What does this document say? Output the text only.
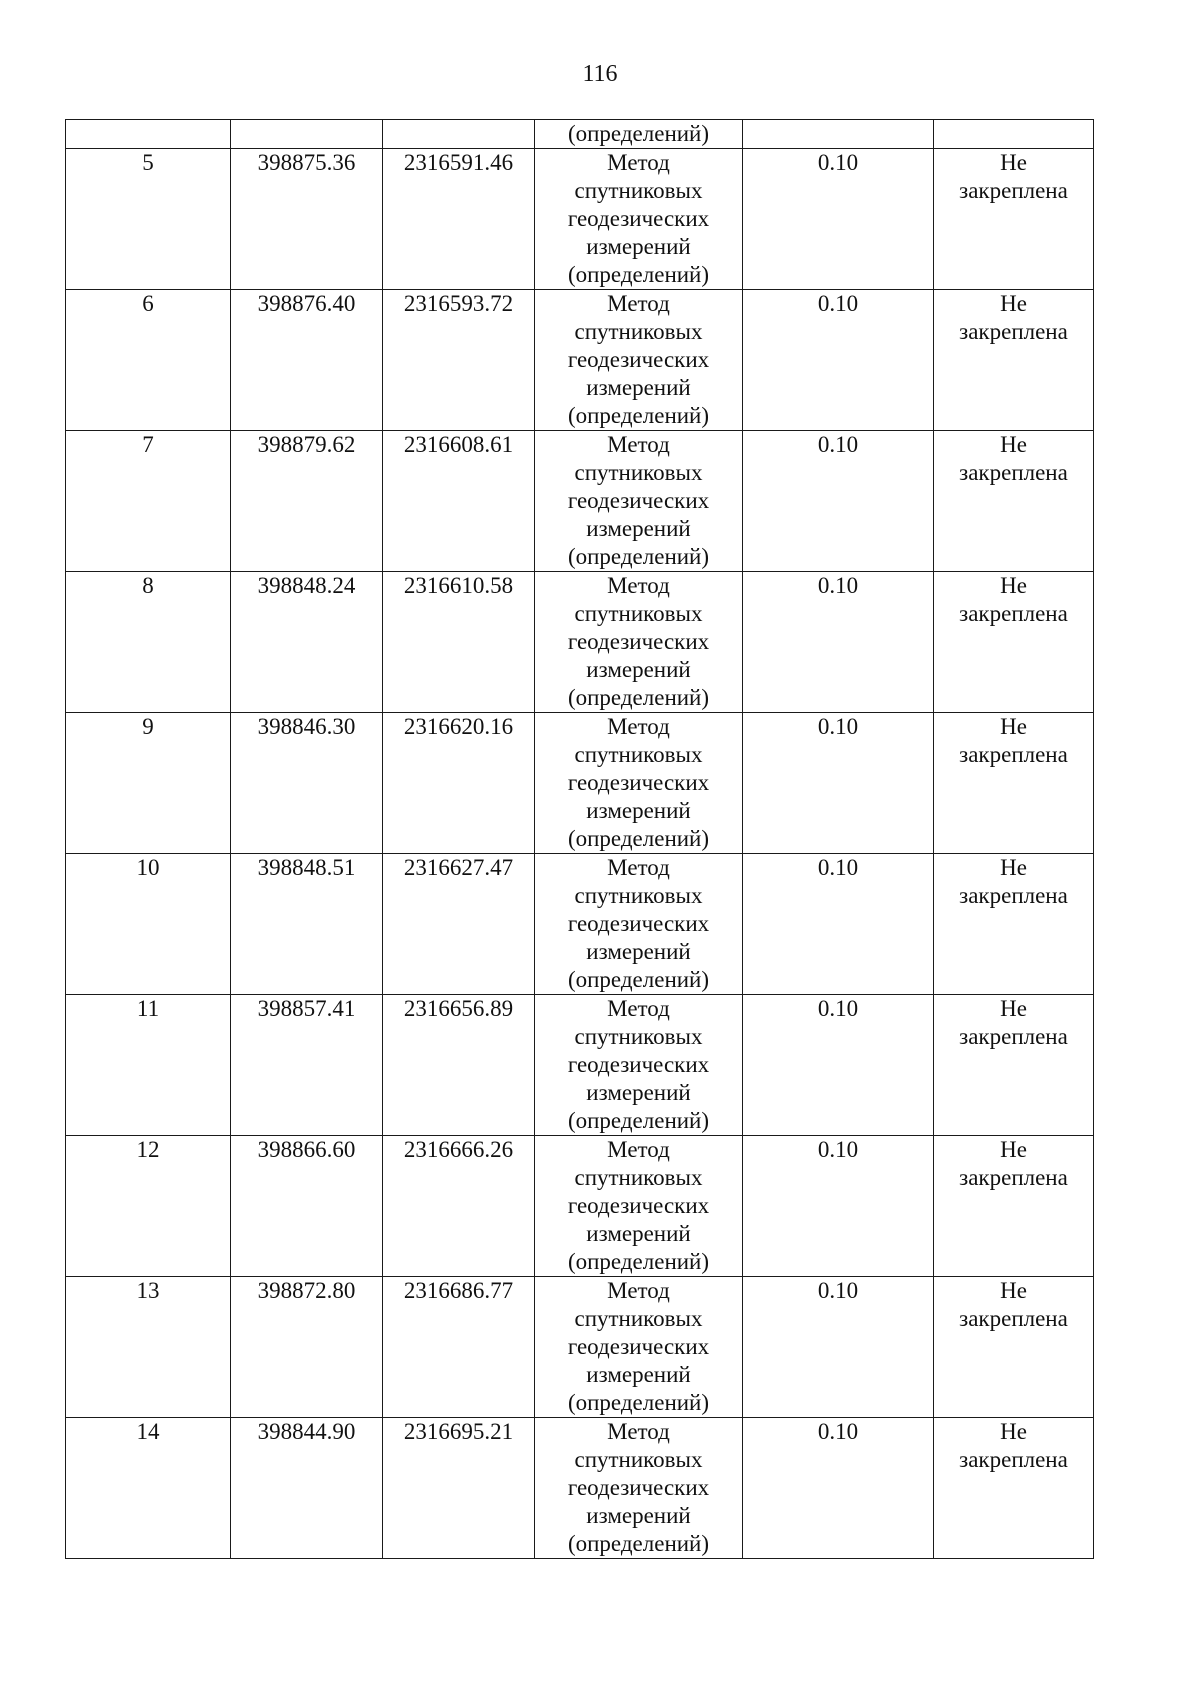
116
			(определений)		
5	398875.36	2316591.46	Метод
спутниковых
геодезических
измерений
(определений)	0.10	Не
закреплена

6	398876.40	2316593.72	Метод
спутниковых
геодезических
измерений
(определений)	0.10	Не
закреплена

7	398879.62	2316608.61	Метод
спутниковых
геодезических
измерений
(определений)	0.10	Не
закреплена

8	398848.24	2316610.58	Метод
спутниковых
геодезических
измерений
(определений)	0.10	Не
закреплена

9	398846.30	2316620.16	Метод
спутниковых
геодезических
измерений
(определений)	0.10	Не
закреплена

10	398848.51	2316627.47	Метод
спутниковых
геодезических
измерений
(определений)	0.10	Не
закреплена

11	398857.41	2316656.89	Метод
спутниковых
геодезических
измерений
(определений)	0.10	Не
закреплена

12	398866.60	2316666.26	Метод
спутниковых
геодезических
измерений
(определений)	0.10	Не
закреплена

13	398872.80	2316686.77	Метод
спутниковых
геодезических
измерений
(определений)	0.10	Не
закреплена

14	398844.90	2316695.21	Метод
спутниковых
геодезических
измерений
(определений)	0.10	Не
закреплена
